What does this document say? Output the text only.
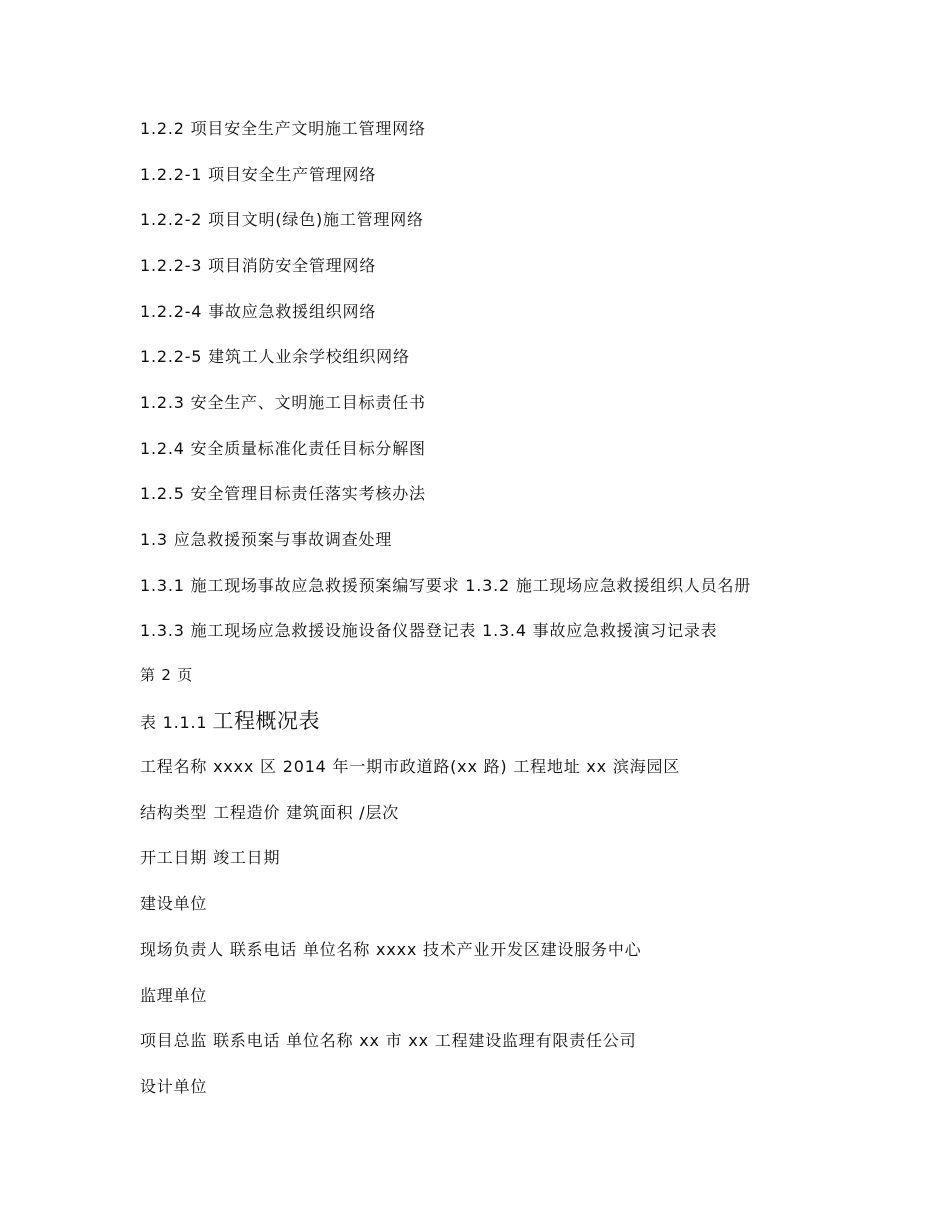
1.2.2 项目安全生产文明施工管理网络
1.2.2-1 项目安全生产管理网络
1.2.2-2 项目文明(绿色)施工管理网络
1.2.2-3 项目消防安全管理网络
1.2.2-4 事故应急救援组织网络
1.2.2-5 建筑工人业余学校组织网络
1.2.3 安全生产、文明施工目标责任书
1.2.4 安全质量标准化责任目标分解图
1.2.5 安全管理目标责任落实考核办法
1.3 应急救援预案与事故调查处理
1.3.1 施工现场事故应急救援预案编写要求 1.3.2 施工现场应急救援组织人员名册
1.3.3 施工现场应急救援设施设备仪器登记表 1.3.4 事故应急救援演习记录表
第 2 页
表 1.1.1 工程概况表
工程名称 xxxx 区 2014 年一期市政道路(xx 路) 工程地址 xx 滨海园区
结构类型 工程造价 建筑面积 /层次
开工日期 竣工日期
建设单位
现场负责人 联系电话 单位名称 xxxx 技术产业开发区建设服务中心
监理单位
项目总监 联系电话 单位名称 xx 市 xx 工程建设监理有限责任公司
设计单位
